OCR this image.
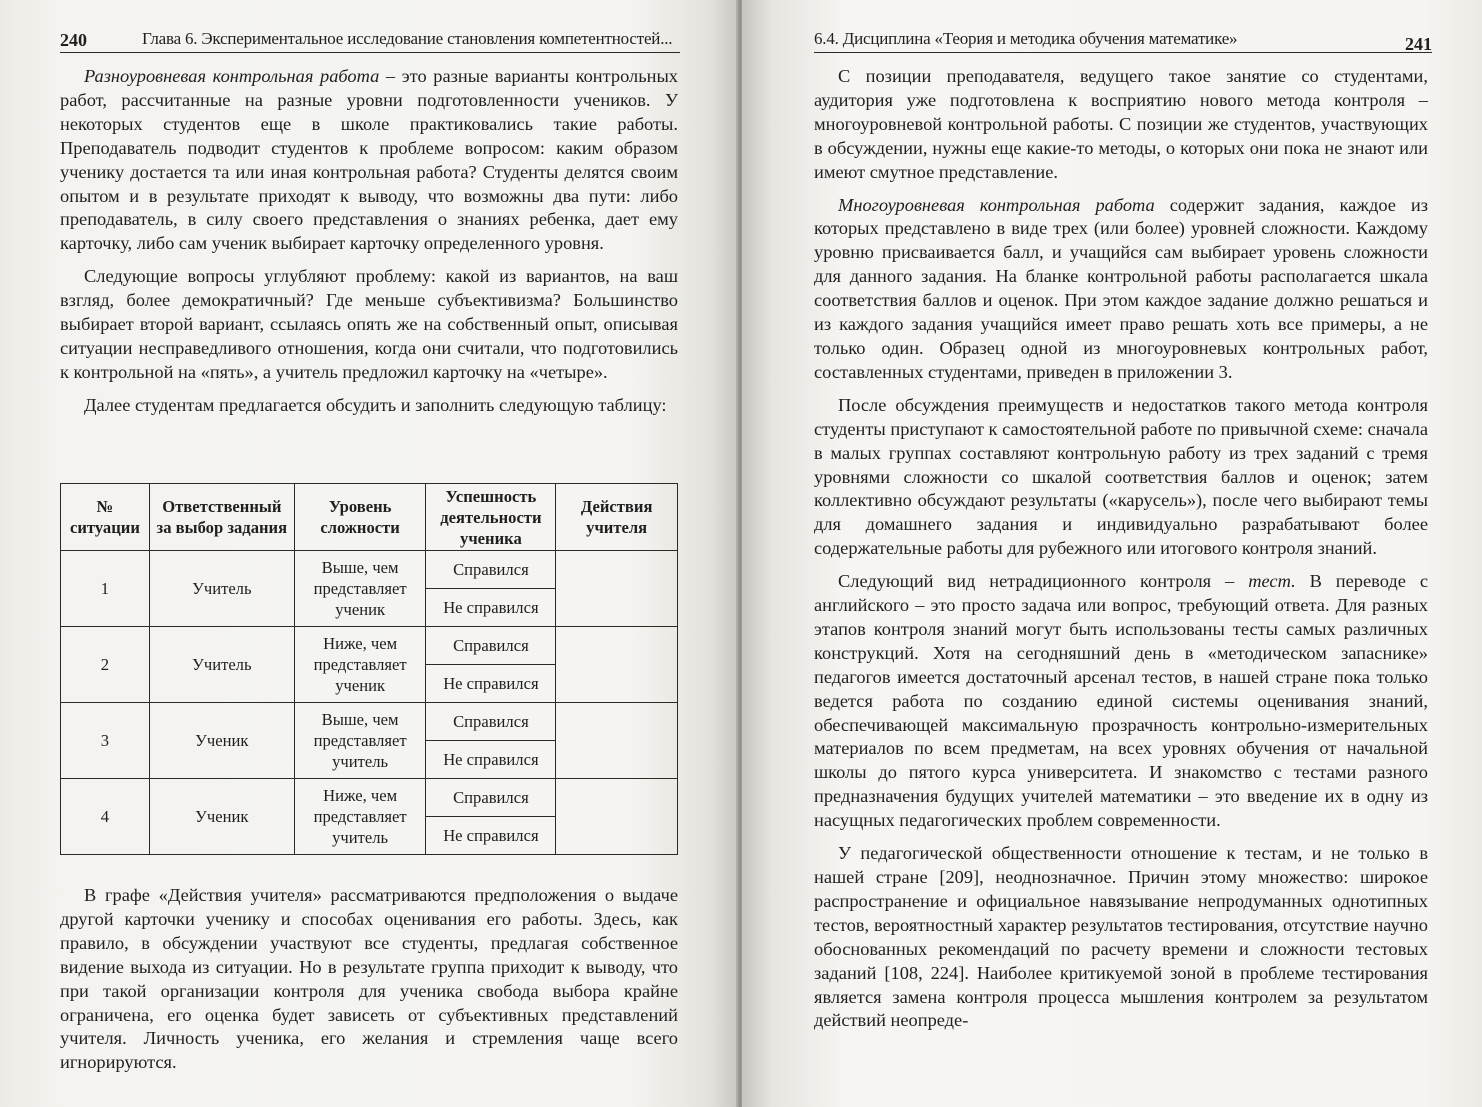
240	Глава 6. Экспериментальное исследование становления компетентностей...

Разноуровневая контрольная работа – это разные варианты контрольных работ, рассчитанные на разные уровни подготовленности учеников. У некоторых студентов еще в школе практиковались такие работы. Преподаватель подводит студентов к проблеме вопросом: каким образом ученику достается та или иная контрольная работа? Студенты делятся своим опытом и в результате приходят к выводу, что возможны два пути: либо преподаватель, в силу своего представления о знаниях ребенка, дает ему карточку, либо сам ученик выбирает карточку определенного уровня.

Следующие вопросы углубляют проблему: какой из вариантов, на ваш взгляд, более демократичный? Где меньше субъективизма? Большинство выбирает второй вариант, ссылаясь опять же на собственный опыт, описывая ситуации несправедливого отношения, когда они считали, что подготовились к контрольной на «пять», а учитель предложил карточку на «четыре».

Далее студентам предлагается обсудить и заполнить следующую таблицу:

№ ситуации	Ответственный за выбор задания	Уровень сложности	Успешность деятельности ученика	Действия учителя
1	Учитель	Выше, чем представляет ученик	Справился	
			Не справился	
2	Учитель	Ниже, чем представляет ученик	Справился	
			Не справился	
3	Ученик	Выше, чем представляет учитель	Справился	
			Не справился	
4	Ученик	Ниже, чем представляет учитель	Справился	
			Не справился	

В графе «Действия учителя» рассматриваются предположения о выдаче другой карточки ученику и способах оценивания его работы. Здесь, как правило, в обсуждении участвуют все студенты, предлагая собственное видение выхода из ситуации. Но в результате группа приходит к выводу, что при такой организации контроля для ученика свобода выбора крайне ограничена, его оценка будет зависеть от субъективных представлений учителя. Личность ученика, его желания и стремления чаще всего игнорируются.

6.4. Дисциплина «Теория и методика обучения математике»	241

С позиции преподавателя, ведущего такое занятие со студентами, аудитория уже подготовлена к восприятию нового метода контроля – многоуровневой контрольной работы. С позиции же студентов, участвующих в обсуждении, нужны еще какие-то методы, о которых они пока не знают или имеют смутное представление.

Многоуровневая контрольная работа содержит задания, каждое из которых представлено в виде трех (или более) уровней сложности. Каждому уровню присваивается балл, и учащийся сам выбирает уровень сложности для данного задания. На бланке контрольной работы располагается шкала соответствия баллов и оценок. При этом каждое задание должно решаться и из каждого задания учащийся имеет право решать хоть все примеры, а не только один. Образец одной из многоуровневых контрольных работ, составленных студентами, приведен в приложении 3.

После обсуждения преимуществ и недостатков такого метода контроля студенты приступают к самостоятельной работе по привычной схеме: сначала в малых группах составляют контрольную работу из трех заданий с тремя уровнями сложности со шкалой соответствия баллов и оценок; затем коллективно обсуждают результаты («карусель»), после чего выбирают темы для домашнего задания и индивидуально разрабатывают более содержательные работы для рубежного или итогового контроля знаний.

Следующий вид нетрадиционного контроля – тест. В переводе с английского – это просто задача или вопрос, требующий ответа. Для разных этапов контроля знаний могут быть использованы тесты самых различных конструкций. Хотя на сегодняшний день в «методическом запаснике» педагогов имеется достаточный арсенал тестов, в нашей стране пока только ведется работа по созданию единой системы оценивания знаний, обеспечивающей максимальную прозрачность контрольно-измерительных материалов по всем предметам, на всех уровнях обучения от начальной школы до пятого курса университета. И знакомство с тестами разного предназначения будущих учителей математики – это введение их в одну из насущных педагогических проблем современности.

У педагогической общественности отношение к тестам, и не только в нашей стране [209], неоднозначное. Причин этому множество: широкое распространение и официальное навязывание непродуманных однотипных тестов, вероятностный характер результатов тестирования, отсутствие научно обоснованных рекомендаций по расчету времени и сложности тестовых заданий [108, 224]. Наиболее критикуемой зоной в проблеме тестирования является замена контроля процесса мышления контролем за результатом действий неопреде-
